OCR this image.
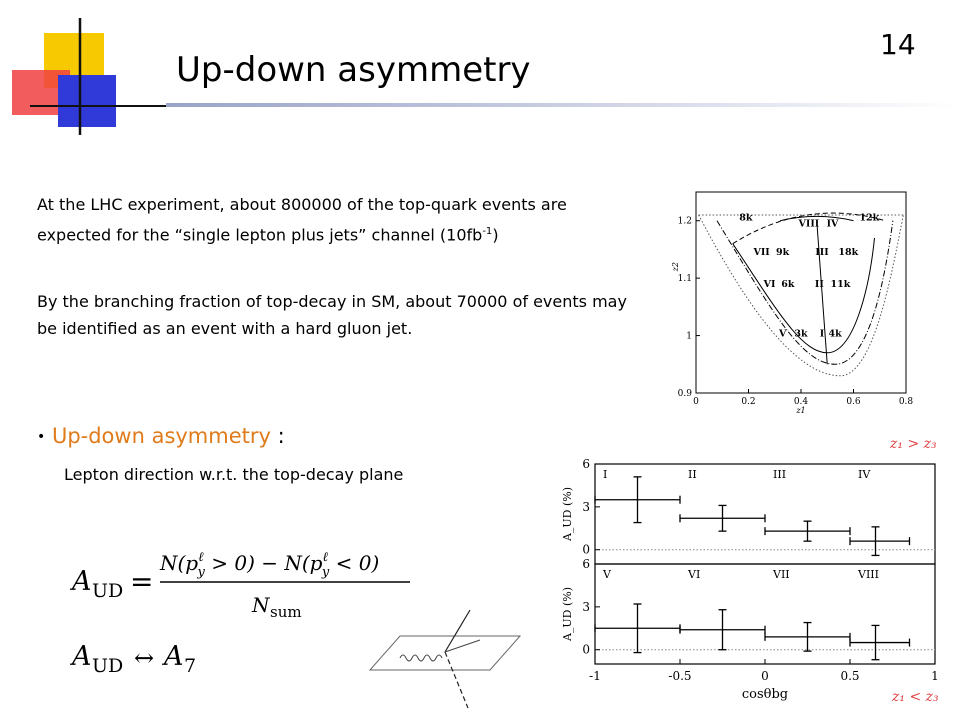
14
Up-down asymmetry
At the LHC experiment, about 800000 of the top-quark events are expected for the “single lepton plus jets” channel $(10fb^{-1})$
By the branching fraction of top-decay in SM, about 70000 of events may be identified as an event with a hard gluon jet.
• Up-down asymmetry :
Lepton direction w.r.t. the top-decay plane
A UD =
$N(p^\ell$ $y > 0) - N(p^\ell$ y < 0)
N sum
A UD ↔ A 7
0	0.2	0.4	0.6	0.8
0.9
1
1.1
1.2
z1
z2
8k	12k
VIII IV
VII 9k	III 18k
VI 6k II 11k
V 3k I 4k
z₁ > z₃
z₁ < z₃
0
3
6
A_UD (%)
I	II	III	IV
0
3
6
A_UD (%)
V	VI	VII	VIII
-1	-0.5	0	0.5	1
cosθbg
